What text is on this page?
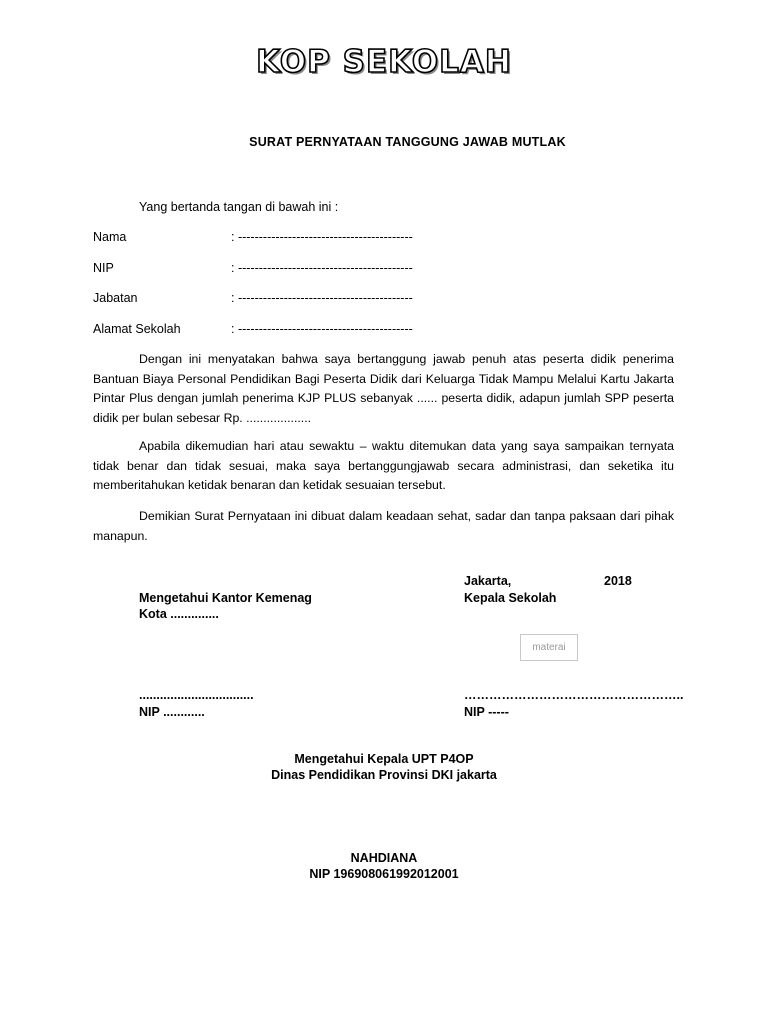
KOP SEKOLAH
SURAT PERNYATAAN TANGGUNG JAWAB MUTLAK
Yang bertanda tangan di bawah ini :
Nama	: ------------------------------------------
NIP	: ------------------------------------------
Jabatan	: ------------------------------------------
Alamat Sekolah	: ------------------------------------------
Dengan ini menyatakan bahwa saya bertanggung jawab penuh atas peserta didik penerima Bantuan Biaya Personal Pendidikan Bagi Peserta Didik dari Keluarga Tidak Mampu Melalui Kartu Jakarta Pintar Plus dengan jumlah penerima KJP PLUS sebanyak ...... peserta didik, adapun jumlah SPP peserta didik per bulan sebesar Rp. ...................
Apabila dikemudian hari atau sewaktu – waktu ditemukan data yang saya sampaikan ternyata tidak benar dan tidak sesuai, maka saya bertanggungjawab secara administrasi, dan seketika itu memberitahukan ketidak benaran dan ketidak sesuaian tersebut.
Demikian Surat Pernyataan ini dibuat dalam keadaan sehat, sadar dan tanpa paksaan dari pihak manapun.
Jakarta,	2018
Mengetahui Kantor Kemenag	Kepala Sekolah
Kota ..............
materai
.................................	……………………………………………..
NIP ............	NIP -----
Mengetahui Kepala UPT P4OP
Dinas Pendidikan Provinsi DKI jakarta
NAHDIANA
NIP 196908061992012001
